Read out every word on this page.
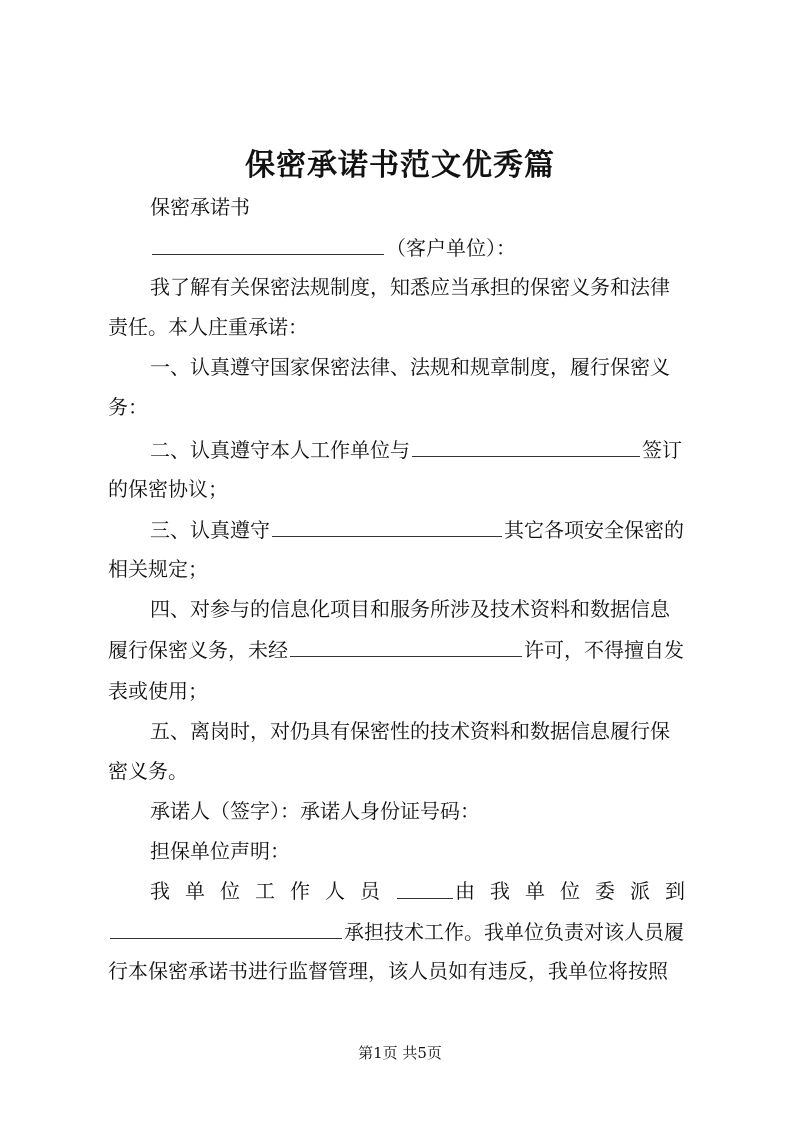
保密承诺书范文优秀篇
保密承诺书
（客户单位）：
我了解有关保密法规制度，知悉应当承担的保密义务和法律
责任。本人庄重承诺：
一、认真遵守国家保密法律、法规和规章制度，履行保密义
务：
二、认真遵守本人工作单位与	签订
的保密协议；
三、认真遵守	其它各项安全保密的
相关规定；
四、对参与的信息化项目和服务所涉及技术资料和数据信息
履行保密义务，未经	许可，不得擅自发
表或使用；
五、离岗时，对仍具有保密性的技术资料和数据信息履行保
密义务。
承诺人（签字）：承诺人身份证号码：
担保单位声明：
我单位工作人员	由我单位委派到
承担技术工作。我单位负责对该人员履
行本保密承诺书进行监督管理，该人员如有违反，我单位将按照
第1页 共5页
